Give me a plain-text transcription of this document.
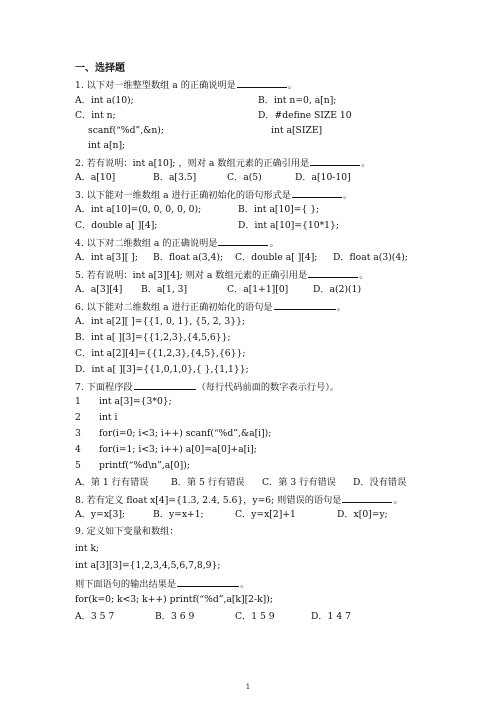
一、选择题
1. 以下对一维整型数组 a 的正确说明是	。
A．int a(10);	B．int n=0, a[n];
C．int n;	D．#define SIZE 10
scanf(“%d”,&n);	int a[SIZE]
int a[n];
2. 若有说明：int a[10]; ，则对 a 数组元素的正确引用是	。
A．a[10]	B．a[3.5]	C．a(5)	D．a[10-10]
3. 以下能对一维数组 a 进行正确初始化的语句形式是	。
A．int a[10]=(0, 0, 0, 0, 0);	B．int a[10]={ };
C．double a[ ][4];	D．int a[10]={10*1};
4. 以下对二维数组 a 的正确说明是	。
A．int a[3][ ]; B．float a(3,4); C．double a[ ][4]; D．float a(3)(4);
5. 若有说明：int a[3][4]; 则对 a 数组元素的正确引用是	。
A．a[3][4] B．a[1, 3]	C．a[1+1][0]	D．a(2)(1)
6. 以下能对二维数组 a 进行正确初始化的语句是	。
A．int a[2][ ]={{1, 0, 1}, {5, 2, 3}};
B．int a[ ][3]={{1,2,3},{4,5,6}};
C．int a[2][4]={{1,2,3},{4,5},{6}};
D．int a[ ][3]={{1,0,1,0},{ },{1,1}};
7. 下面程序段	（每行代码前面的数字表示行号）。
1 int a[3]={3*0};
2 int i
3 for(i=0; i<3; i++) scanf(“%d”,&a[i]);
4 for(i=1; i<3; i++) a[0]=a[0]+a[i];
5 printf(“%d\n”,a[0]);
A．第 1 行有错误 B．第 5 行有错误 C．第 3 行有错误 D．没有错误
8. 若有定义 float x[4]={1.3, 2.4, 5.6}，y=6; 则错误的语句是	。
A．y=x[3];	B．y=x+1;	C．y=x[2]+1	D．x[0]=y;
9. 定义如下变量和数组：
int k;
int a[3][3]={1,2,3,4,5,6,7,8,9};
则下面语句的输出结果是	。
for(k=0; k<3; k++) printf(“%d”,a[k][2-k]);
A．3 5 7	B．3 6 9	C．1 5 9	D．1 4 7
1
